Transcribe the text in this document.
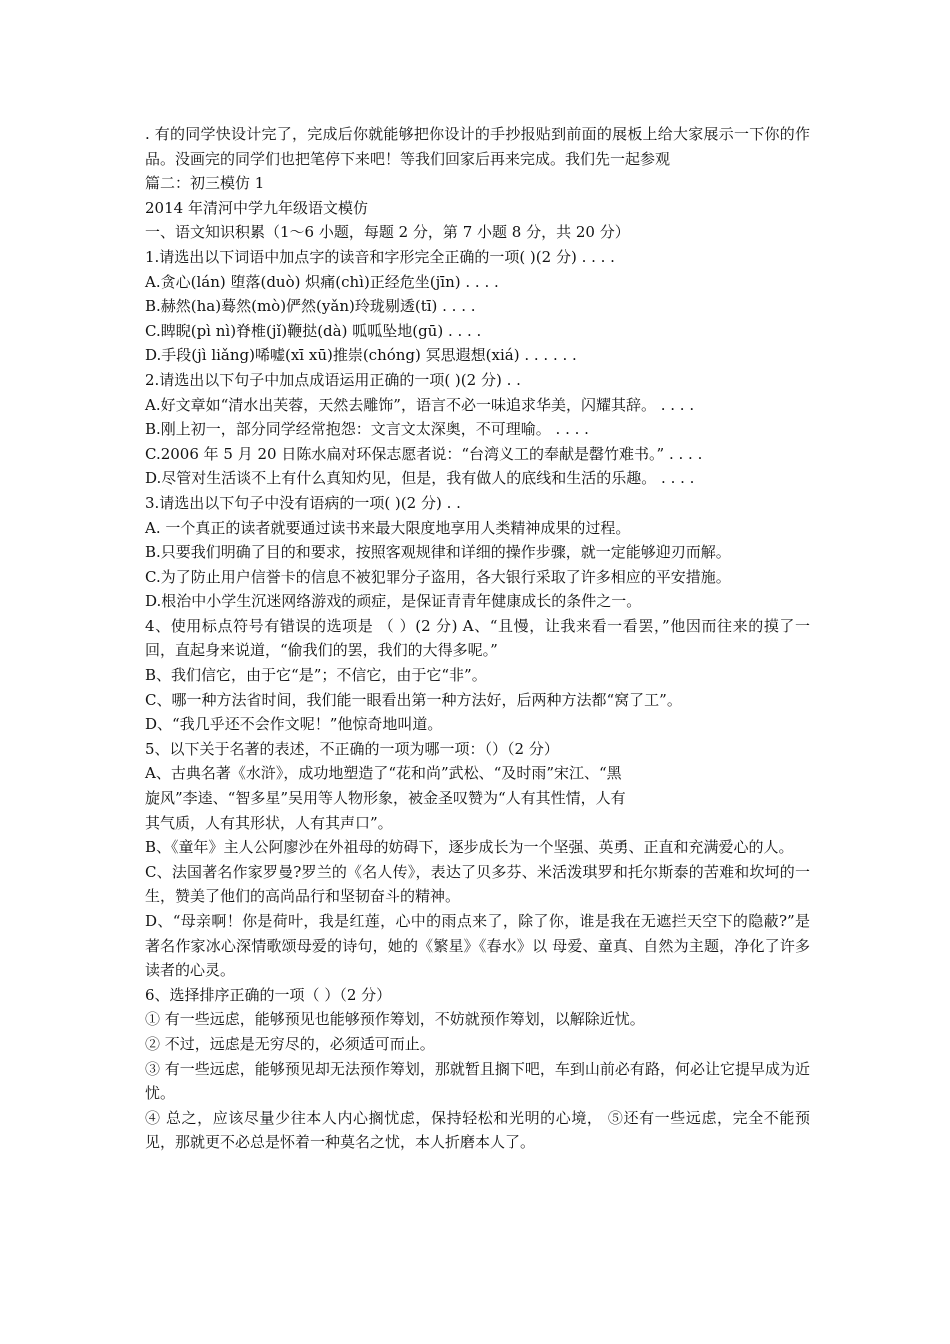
. 有的同学快设计完了，完成后你就能够把你设计的手抄报贴到前面的展板上给大家展示一下你的作品。没画完的同学们也把笔停下来吧！等我们回家后再来完成。我们先一起参观

篇二：初三模仿 1

2014 年清河中学九年级语文模仿

一、语文知识积累（1～6 小题，每题 2 分，第 7 小题 8 分，共 20 分）

1.请选出以下词语中加点字的读音和字形完全正确的一项( )(2 分) . . . .

A.贪心(lán) 堕落(duò) 炽痛(chì)正经危坐(jīn) . . . .

B.赫然(ha)蓦然(mò)俨然(yǎn)玲珑剔透(tī) . . . .

C.睥睨(pì nì)脊椎(jǐ)鞭挞(dà) 呱呱坠地(gū) . . . .

D.手段(jì liǎng)唏嘘(xī xū)推崇(chóng) 冥思遐想(xiá) . . . . . .

2.请选出以下句子中加点成语运用正确的一项( )(2 分) . .

A.好文章如“清水出芙蓉，天然去雕饰”，语言不必一味追求华美，闪耀其辞。 . . . .

B.刚上初一，部分同学经常抱怨：文言文太深奥，不可理喻。 . . . .

C.2006 年 5 月 20 日陈水扁对环保志愿者说：“台湾义工的奉献是罄竹难书。” . . . .

D.尽管对生活谈不上有什么真知灼见，但是，我有做人的底线和生活的乐趣。 . . . .

3.请选出以下句子中没有语病的一项( )(2 分) . .

A. 一个真正的读者就要通过读书来最大限度地享用人类精神成果的过程。

B.只要我们明确了目的和要求，按照客观规律和详细的操作步骤，就一定能够迎刃而解。

C.为了防止用户信誉卡的信息不被犯罪分子盗用，各大银行采取了许多相应的平安措施。

D.根治中小学生沉迷网络游戏的顽症，是保证青青年健康成长的条件之一。

4、使用标点符号有错误的选项是 （ ）(2 分) A、“且慢，让我来看一看罢，”他因而往来的摸了一回，直起身来说道，“偷我们的罢，我们的大得多呢。”

B、我们信它，由于它“是”；不信它，由于它“非”。

C、哪一种方法省时间，我们能一眼看出第一种方法好，后两种方法都“窝了工”。

D、“我几乎还不会作文呢！”他惊奇地叫道。

5、以下关于名著的表述，不正确的一项为哪一项：（）（2 分）

A、古典名著《水浒》，成功地塑造了“花和尚”武松、“及时雨”宋江、“黑

旋风”李逵、“智多星”吴用等人物形象，被金圣叹赞为“人有其性情，人有

其气质，人有其形状，人有其声口”。

B、《童年》主人公阿廖沙在外祖母的妨碍下，逐步成长为一个坚强、英勇、正直和充满爱心的人。

C、法国著名作家罗曼?罗兰的《名人传》，表达了贝多芬、米活泼琪罗和托尔斯泰的苦难和坎坷的一生，赞美了他们的高尚品行和坚韧奋斗的精神。

D、“母亲啊！你是荷叶，我是红莲，心中的雨点来了，除了你，谁是我在无遮拦天空下的隐蔽?”是著名作家冰心深情歌颂母爱的诗句，她的《繁星》《春水》以 母爱、童真、自然为主题，净化了许多读者的心灵。

6、选择排序正确的一项（ ）（2 分）

① 有一些远虑，能够预见也能够预作筹划，不妨就预作筹划，以解除近忧。

② 不过，远虑是无穷尽的，必须适可而止。

③ 有一些远虑，能够预见却无法预作筹划，那就暂且搁下吧，车到山前必有路，何必让它提早成为近忧。

④ 总之，应该尽量少往本人内心搁忧虑，保持轻松和光明的心境， ⑤还有一些远虑，完全不能预见，那就更不必总是怀着一种莫名之忧，本人折磨本人了。
